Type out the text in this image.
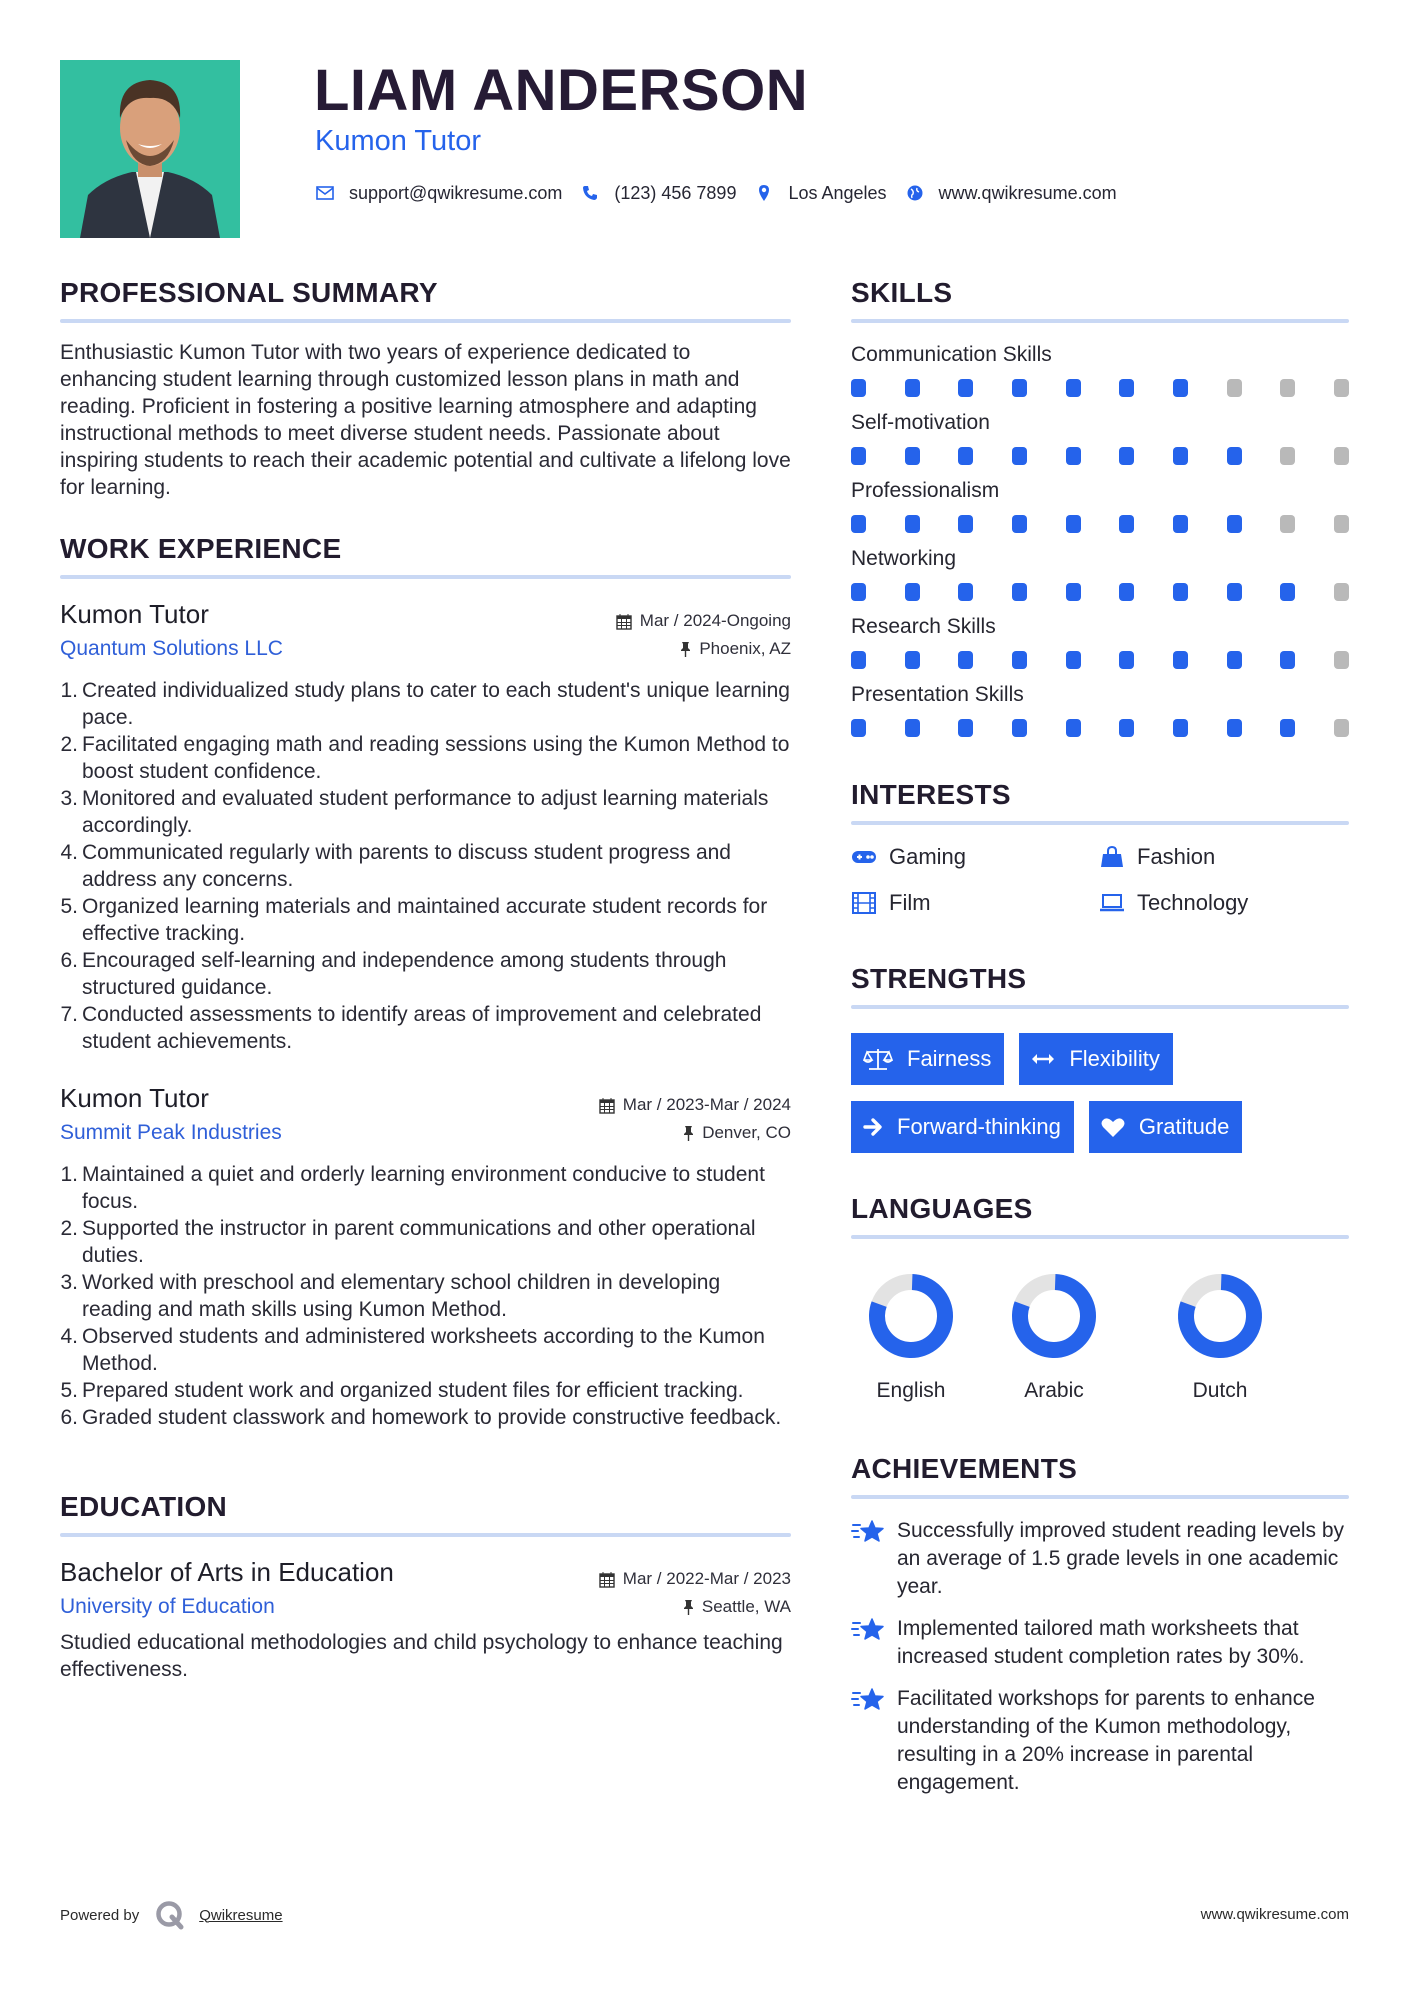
LIAM ANDERSON
Kumon Tutor
support@qwikresume.com	(123) 456 7899	Los Angeles	www.qwikresume.com
PROFESSIONAL SUMMARY

Enthusiastic Kumon Tutor with two years of experience dedicated to enhancing student learning through customized lesson plans in math and reading. Proficient in fostering a positive learning atmosphere and adapting instructional methods to meet diverse student needs. Passionate about inspiring students to reach their academic potential and cultivate a lifelong love for learning.

WORK EXPERIENCE
Kumon Tutor	Mar / 2024-Ongoing
Quantum Solutions LLC	Phoenix, AZ
1. Created individualized study plans to cater to each student's unique learning pace.
2. Facilitated engaging math and reading sessions using the Kumon Method to boost student confidence.
3. Monitored and evaluated student performance to adjust learning materials accordingly.
4. Communicated regularly with parents to discuss student progress and address any concerns.
5. Organized learning materials and maintained accurate student records for effective tracking.
6. Encouraged self-learning and independence among students through structured guidance.
7. Conducted assessments to identify areas of improvement and celebrated student achievements.
Kumon Tutor	Mar / 2023-Mar / 2024
Summit Peak Industries	Denver, CO
1. Maintained a quiet and orderly learning environment conducive to student focus.
2. Supported the instructor in parent communications and other operational duties.
3. Worked with preschool and elementary school children in developing reading and math skills using Kumon Method.
4. Observed students and administered worksheets according to the Kumon Method.
5. Prepared student work and organized student files for efficient tracking.
6. Graded student classwork and homework to provide constructive feedback.
EDUCATION
Bachelor of Arts in Education	Mar / 2022-Mar / 2023
University of Education	Seattle, WA

Studied educational methodologies and child psychology to enhance teaching effectiveness.

SKILLS
Communication Skills
Self-motivation
Professionalism
Networking
Research Skills
Presentation Skills
INTERESTS
Gaming	Fashion
Film	Technology
STRENGTHS
Fairness	Flexibility
Forward-thinking	Gratitude
LANGUAGES
English	Arabic	Dutch
ACHIEVEMENTS
Successfully improved student reading levels by an average of 1.5 grade levels in one academic year.
Implemented tailored math worksheets that increased student completion rates by 30%.
Facilitated workshops for parents to enhance understanding of the Kumon methodology, resulting in a 20% increase in parental engagement.
Powered by	Qwikresume	www.qwikresume.com
